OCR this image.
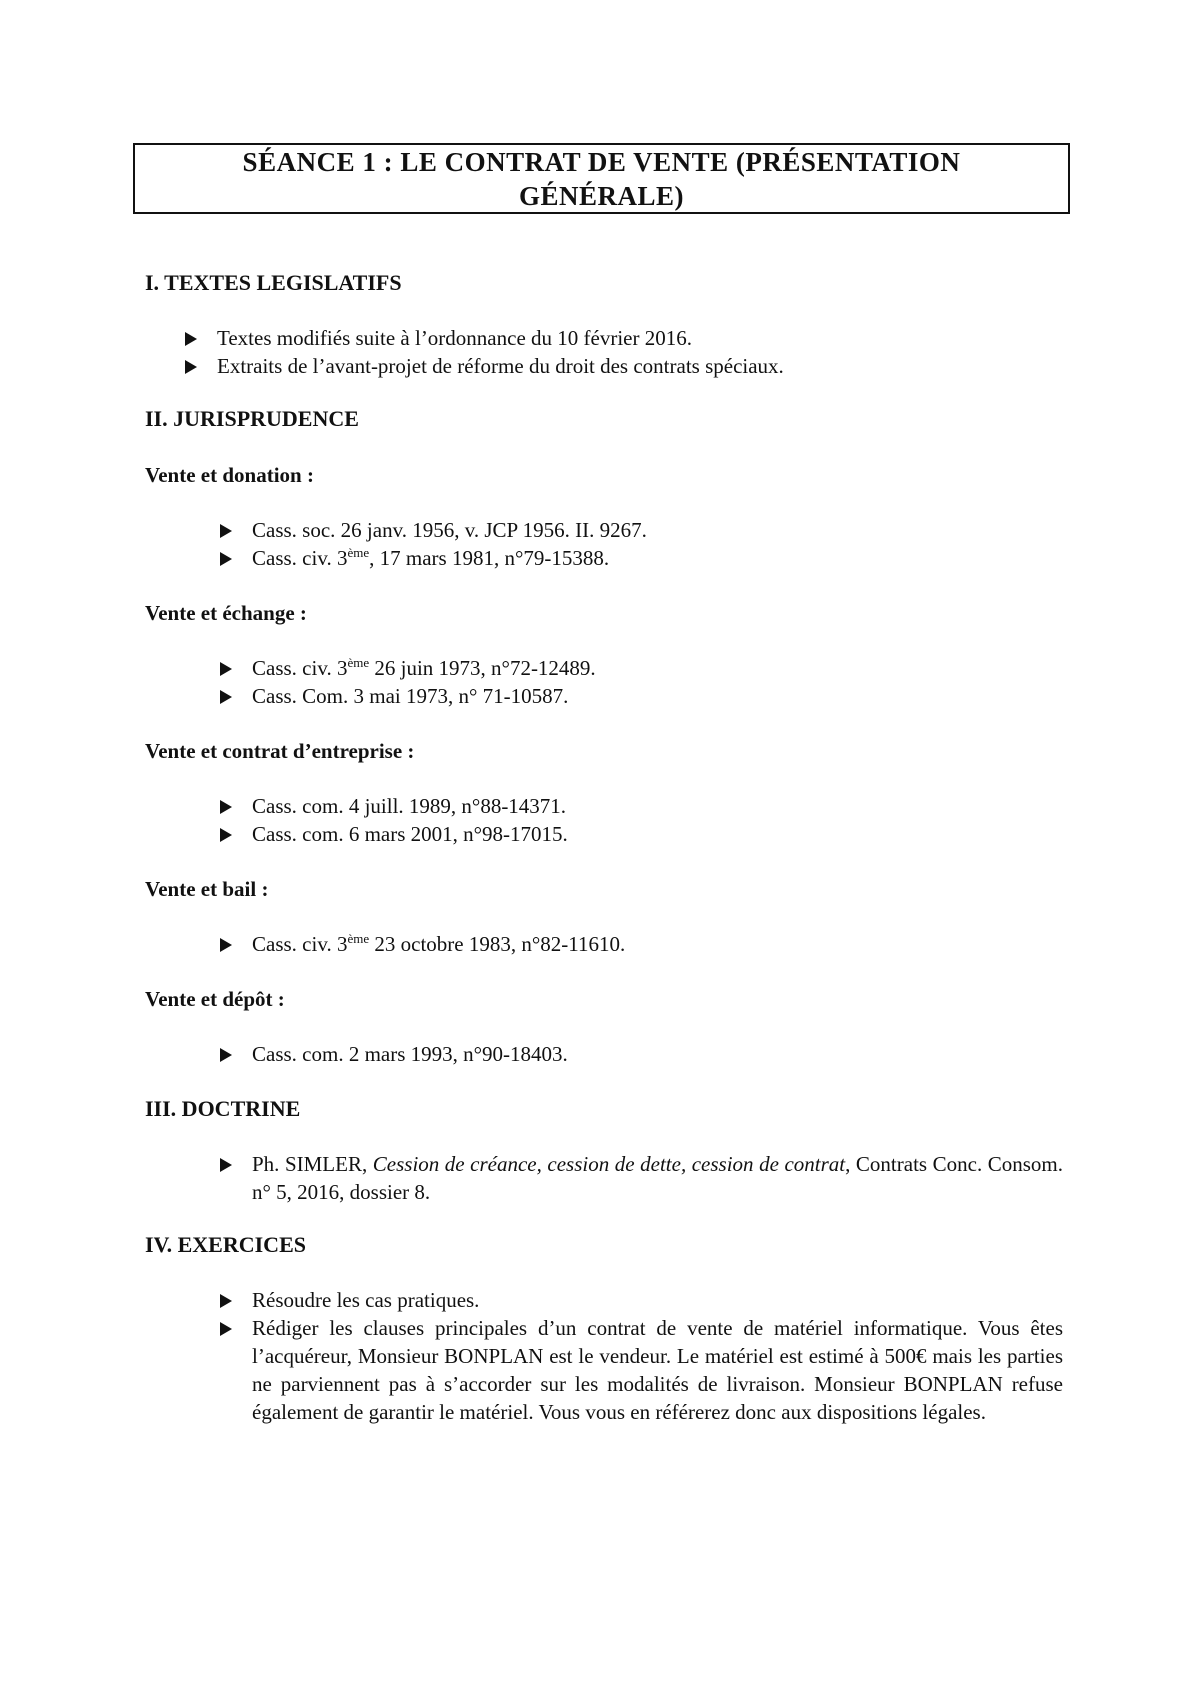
SÉANCE 1 : LE CONTRAT DE VENTE (PRÉSENTATION
GÉNÉRALE)
I. TEXTES LEGISLATIFS
Textes modifiés suite à l’ordonnance du 10 février 2016.
Extraits de l’avant-projet de réforme du droit des contrats spéciaux.
II. JURISPRUDENCE
Vente et donation :
Cass. soc. 26 janv. 1956, v. JCP 1956. II. 9267.
Cass. civ. 3ème, 17 mars 1981, n°79-15388.
Vente et échange :
Cass. civ. 3ème 26 juin 1973, n°72-12489.
Cass. Com. 3 mai 1973, n° 71-10587.
Vente et contrat d’entreprise :
Cass. com. 4 juill. 1989, n°88-14371.
Cass. com. 6 mars 2001, n°98-17015.
Vente et bail :
Cass. civ. 3ème 23 octobre 1983, n°82-11610.
Vente et dépôt :
Cass. com. 2 mars 1993, n°90-18403.
III. DOCTRINE
Ph. SIMLER, Cession de créance, cession de dette, cession de contrat, Contrats Conc. Consom. n° 5, 2016, dossier 8.
IV. EXERCICES
Résoudre les cas pratiques.
Rédiger les clauses principales d’un contrat de vente de matériel informatique. Vous êtes l’acquéreur, Monsieur BONPLAN est le vendeur. Le matériel est estimé à 500€ mais les parties ne parviennent pas à s’accorder sur les modalités de livraison. Monsieur BONPLAN refuse également de garantir le matériel. Vous vous en référerez donc aux dispositions légales.
